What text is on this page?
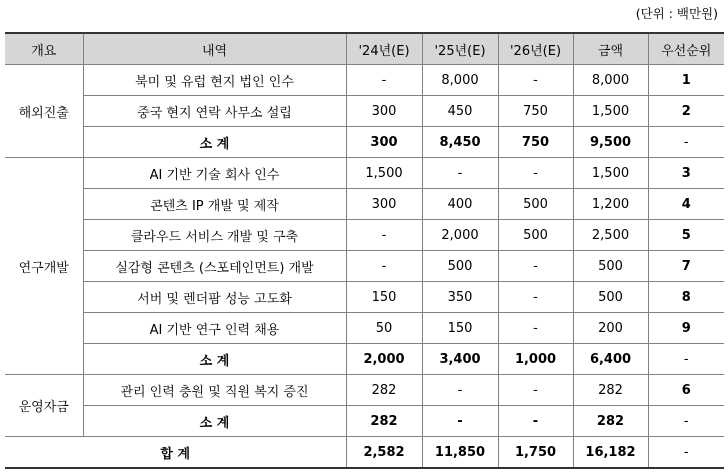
(단위 : 백만원)
개요	내역	'24년(E)	'25년(E)	'26년(E)	금액	우선순위
해외진출	북미 및 유럽 현지 법인 인수	-	8,000	-	8,000	1
	중국 현지 연락 사무소 설립	300	450	750	1,500	2
	소 계	300	8,450	750	9,500	-
연구개발	AI 기반 기술 회사 인수	1,500	-	-	1,500	3
	콘텐츠 IP 개발 및 제작	300	400	500	1,200	4
	클라우드 서비스 개발 및 구축	-	2,000	500	2,500	5
	실감형 콘텐츠 (스포테인먼트) 개발	-	500	-	500	7
	서버 및 렌더팜 성능 고도화	150	350	-	500	8
	AI 기반 연구 인력 채용	50	150	-	200	9
	소 계	2,000	3,400	1,000	6,400	-
운영자금	관리 인력 충원 및 직원 복지 증진	282	-	-	282	6
	소 계	282	-	-	282	-
합 계		2,582	11,850	1,750	16,182	-
